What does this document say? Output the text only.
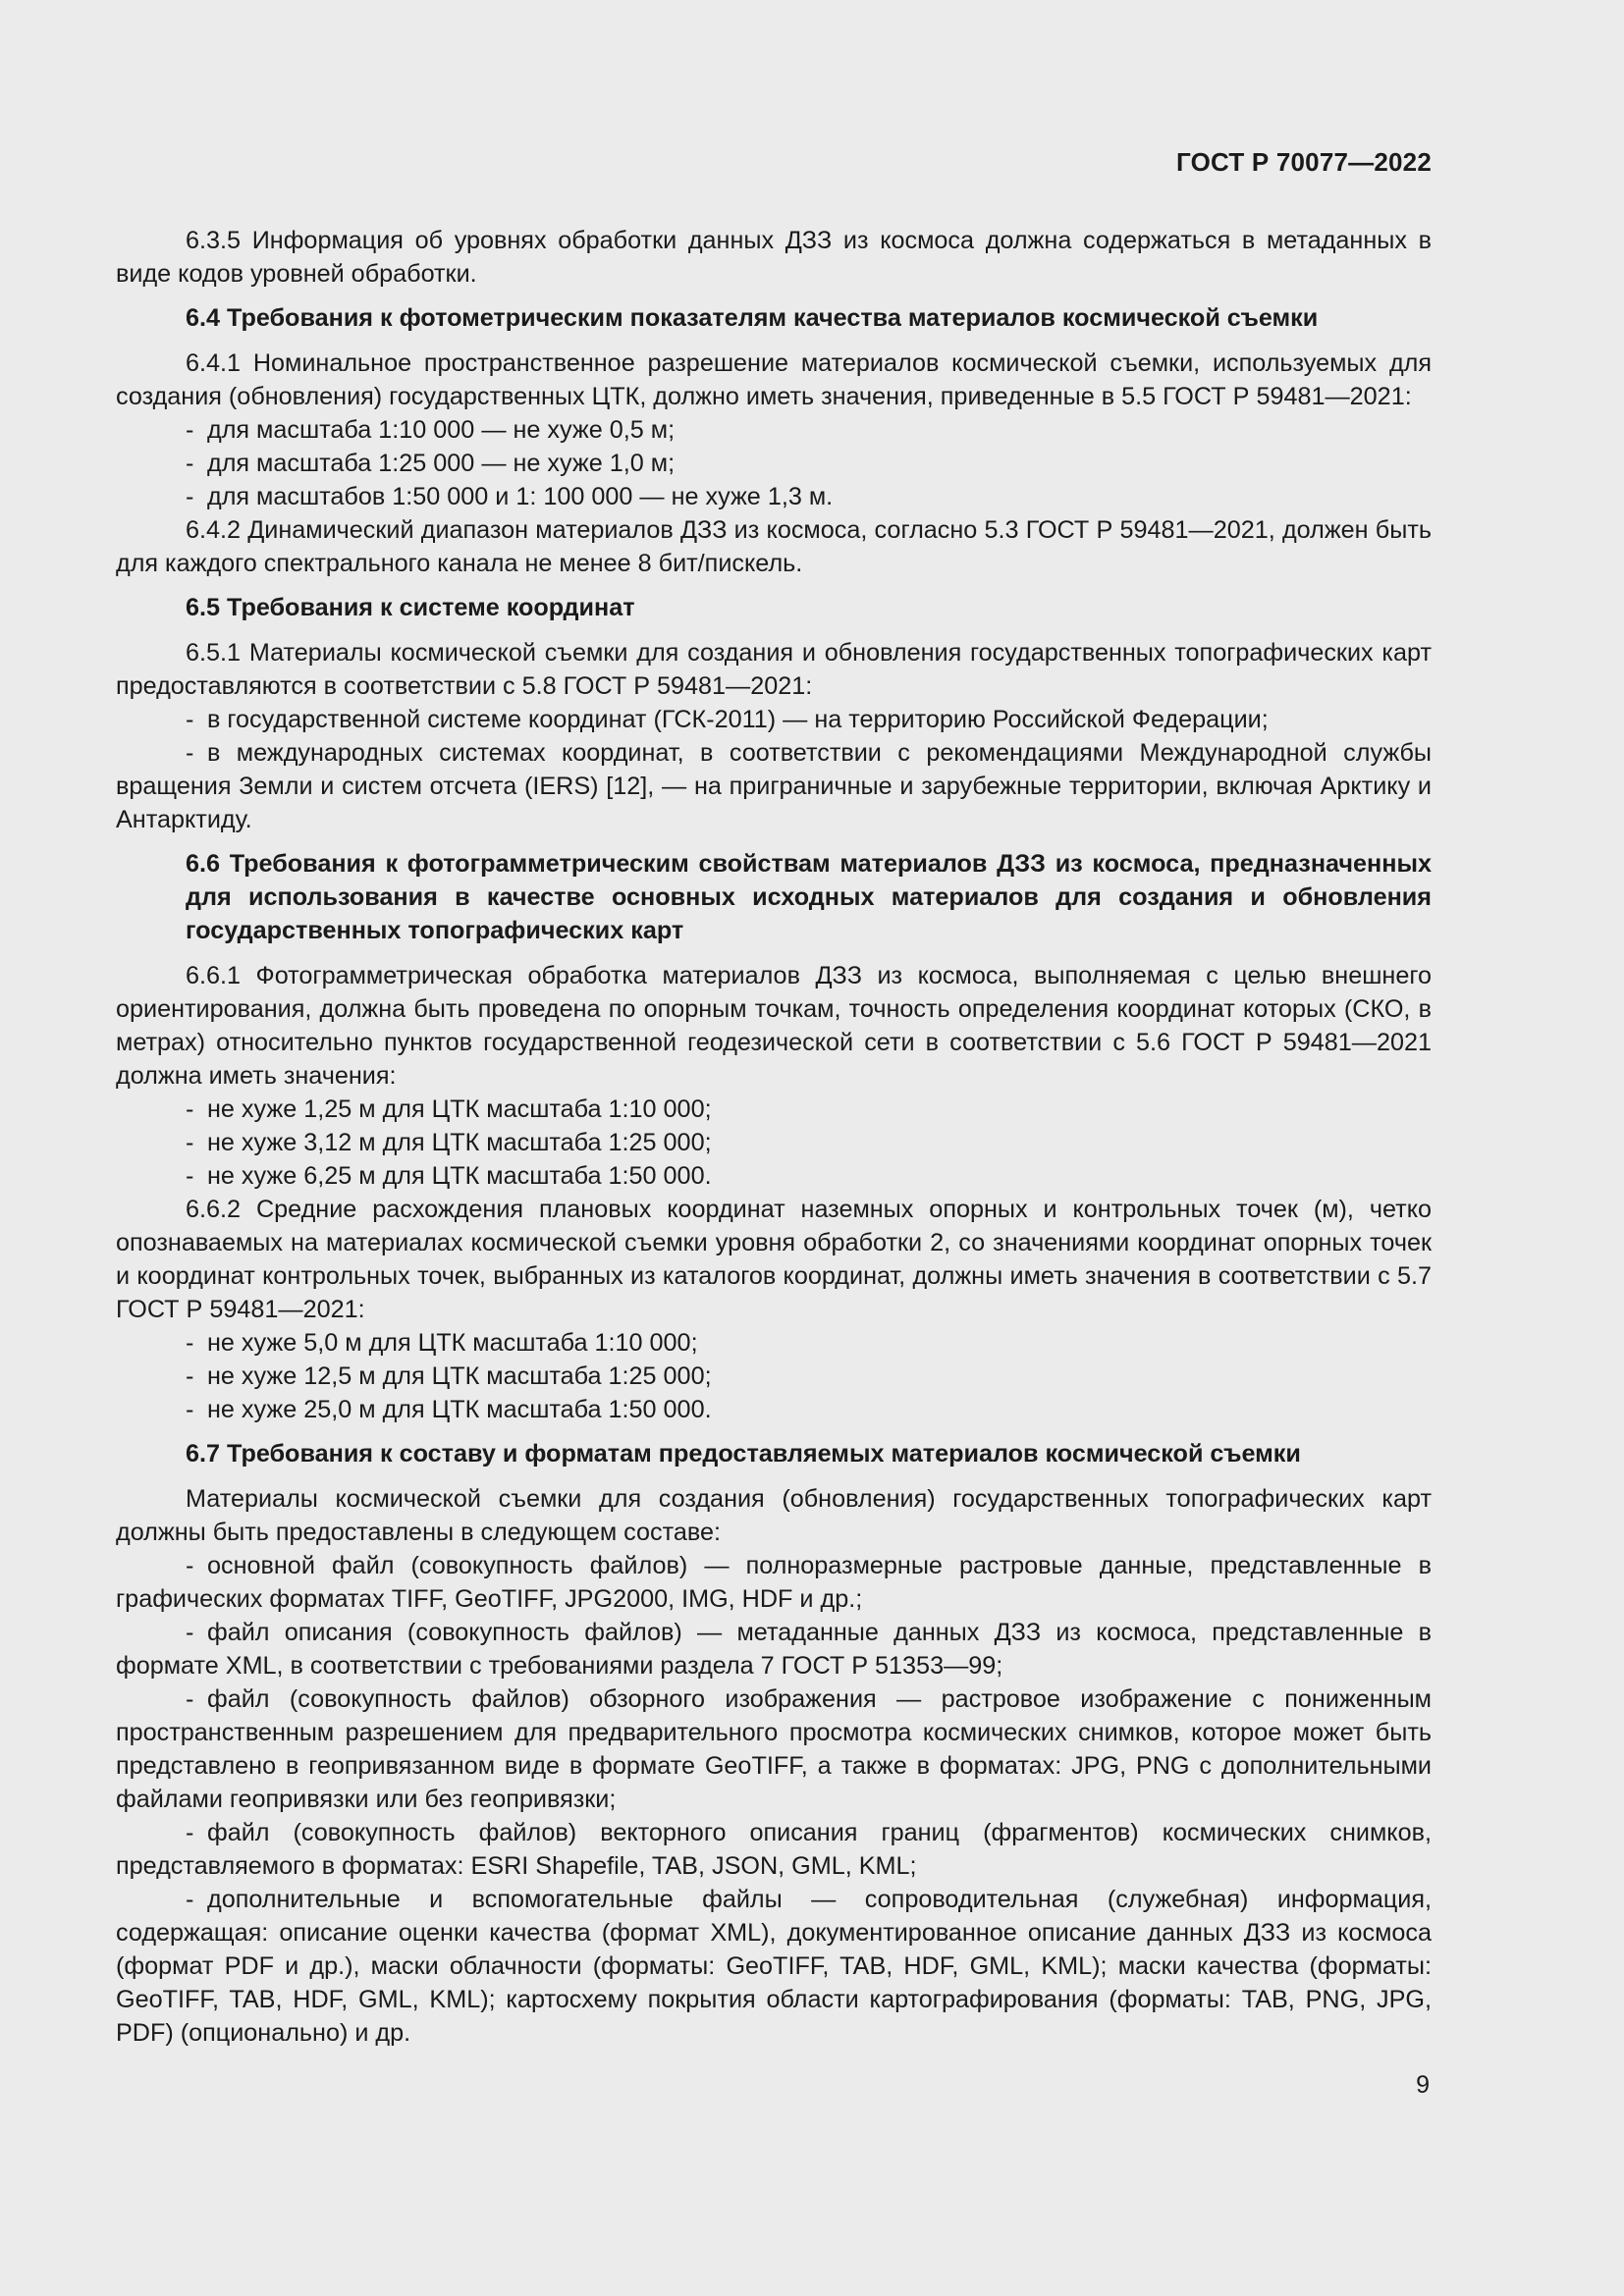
ГОСТ Р 70077—2022

6.3.5 Информация об уровнях обработки данных ДЗЗ из космоса должна содержаться в метаданных в виде кодов уровней обработки.

6.4 Требования к фотометрическим показателям качества материалов космической съемки

6.4.1 Номинальное пространственное разрешение материалов космической съемки, используемых для создания (обновления) государственных ЦТК, должно иметь значения, приведенные в 5.5 ГОСТ Р 59481—2021:

- для масштаба 1:10 000 — не хуже 0,5 м;

- для масштаба 1:25 000 — не хуже 1,0 м;

- для масштабов 1:50 000 и 1: 100 000 — не хуже 1,3 м.

6.4.2 Динамический диапазон материалов ДЗЗ из космоса, согласно 5.3 ГОСТ Р 59481—2021, должен быть для каждого спектрального канала не менее 8 бит/пискель.

6.5 Требования к системе координат

6.5.1 Материалы космической съемки для создания и обновления государственных топографических карт предоставляются в соответствии с 5.8 ГОСТ Р 59481—2021:

- в государственной системе координат (ГСК-2011) — на территорию Российской Федерации;

- в международных системах координат, в соответствии с рекомендациями Международной службы вращения Земли и систем отсчета (IERS) [12], — на приграничные и зарубежные территории, включая Арктику и Антарктиду.

6.6 Требования к фотограмметрическим свойствам материалов ДЗЗ из космоса, предназначенных для использования в качестве основных исходных материалов для создания и обновления государственных топографических карт

6.6.1 Фотограмметрическая обработка материалов ДЗЗ из космоса, выполняемая с целью внешнего ориентирования, должна быть проведена по опорным точкам, точность определения координат которых (СКО, в метрах) относительно пунктов государственной геодезической сети в соответствии с 5.6 ГОСТ Р 59481—2021 должна иметь значения:

- не хуже 1,25 м для ЦТК масштаба 1:10 000;

- не хуже 3,12 м для ЦТК масштаба 1:25 000;

- не хуже 6,25 м для ЦТК масштаба 1:50 000.

6.6.2 Средние расхождения плановых координат наземных опорных и контрольных точек (м), четко опознаваемых на материалах космической съемки уровня обработки 2, со значениями координат опорных точек и координат контрольных точек, выбранных из каталогов координат, должны иметь значения в соответствии с 5.7 ГОСТ Р 59481—2021:

- не хуже 5,0 м для ЦТК масштаба 1:10 000;

- не хуже 12,5 м для ЦТК масштаба 1:25 000;

- не хуже 25,0 м для ЦТК масштаба 1:50 000.

6.7 Требования к составу и форматам предоставляемых материалов космической съемки

Материалы космической съемки для создания (обновления) государственных топографических карт должны быть предоставлены в следующем составе:

- основной файл (совокупность файлов) — полноразмерные растровые данные, представленные в графических форматах TIFF, GeoTIFF, JPG2000, IMG, HDF и др.;

- файл описания (совокупность файлов) — метаданные данных ДЗЗ из космоса, представленные в формате XML, в соответствии с требованиями раздела 7 ГОСТ Р 51353—99;

- файл (совокупность файлов) обзорного изображения — растровое изображение с пониженным пространственным разрешением для предварительного просмотра космических снимков, которое может быть представлено в геопривязанном виде в формате GeoTIFF, а также в форматах: JPG, PNG с дополнительными файлами геопривязки или без геопривязки;

- файл (совокупность файлов) векторного описания границ (фрагментов) космических снимков, представляемого в форматах: ESRI Shapefile, TAB, JSON, GML, KML;

- дополнительные и вспомогательные файлы — сопроводительная (служебная) информация, содержащая: описание оценки качества (формат XML), документированное описание данных ДЗЗ из космоса (формат PDF и др.), маски облачности (форматы: GeoTIFF, TAB, HDF, GML, KML); маски качества (форматы: GeoTIFF, TAB, HDF, GML, KML); картосхему покрытия области картографирования (форматы: TAB, PNG, JPG, PDF) (опционально) и др.

9
